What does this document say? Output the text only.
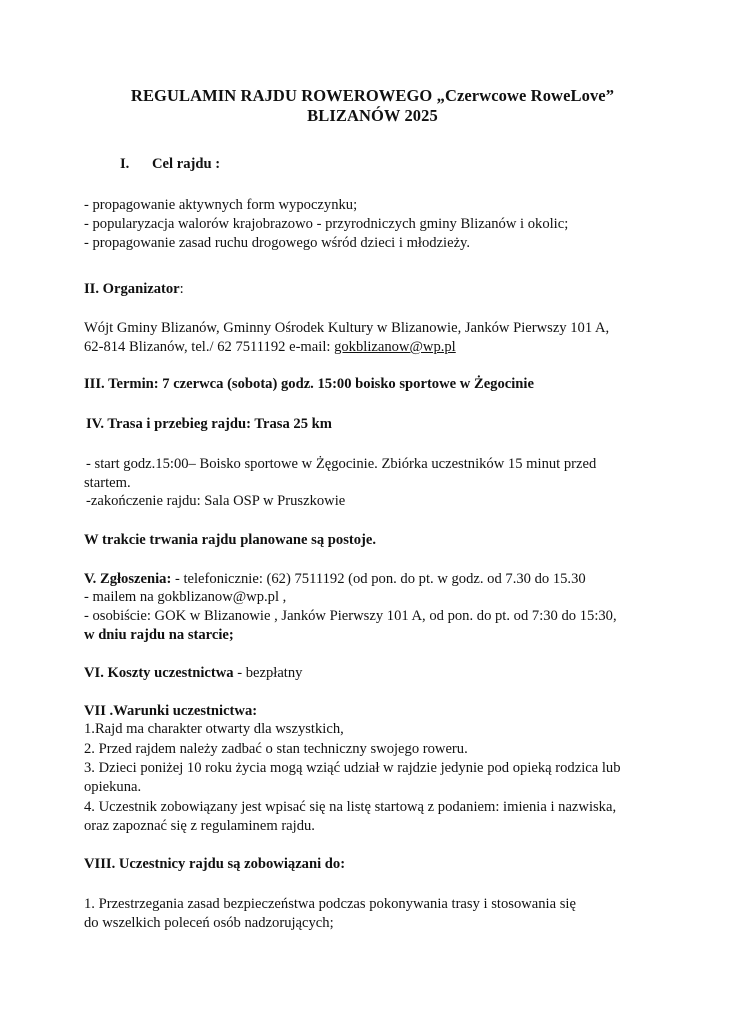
REGULAMIN RAJDU ROWEROWEGO „Czerwcowe RoweLove”
BLIZANÓW 2025
I. Cel rajdu :
- propagowanie aktywnych form wypoczynku;
- popularyzacja walorów krajobrazowo - przyrodniczych gminy Blizanów i okolic;
- propagowanie zasad ruchu drogowego wśród dzieci i młodzieży.
II. Organizator:
Wójt Gminy Blizanów, Gminny Ośrodek Kultury w Blizanowie, Janków Pierwszy 101 A,
62-814 Blizanów, tel./ 62 7511192 e-mail: gokblizanow@wp.pl
III. Termin: 7 czerwca (sobota) godz. 15:00 boisko sportowe w Żegocinie
IV. Trasa i przebieg rajdu: Trasa 25 km
- start godz.15:00– Boisko sportowe w Żęgocinie. Zbiórka uczestników 15 minut przed
startem.
-zakończenie rajdu: Sala OSP w Pruszkowie
W trakcie trwania rajdu planowane są postoje.
V. Zgłoszenia: - telefonicznie: (62) 7511192 (od pon. do pt. w godz. od 7.30 do 15.30
- mailem na gokblizanow@wp.pl ,
- osobiście: GOK w Blizanowie , Janków Pierwszy 101 A, od pon. do pt. od 7:30 do 15:30,
w dniu rajdu na starcie;
VI. Koszty uczestnictwa - bezpłatny
VII .Warunki uczestnictwa:
1.Rajd ma charakter otwarty dla wszystkich,
2. Przed rajdem należy zadbać o stan techniczny swojego roweru.
3. Dzieci poniżej 10 roku życia mogą wziąć udział w rajdzie jedynie pod opieką rodzica lub
opiekuna.
4. Uczestnik zobowiązany jest wpisać się na listę startową z podaniem: imienia i nazwiska,
oraz zapoznać się z regulaminem rajdu.
VIII. Uczestnicy rajdu są zobowiązani do:
1. Przestrzegania zasad bezpieczeństwa podczas pokonywania trasy i stosowania się
do wszelkich poleceń osób nadzorujących;
